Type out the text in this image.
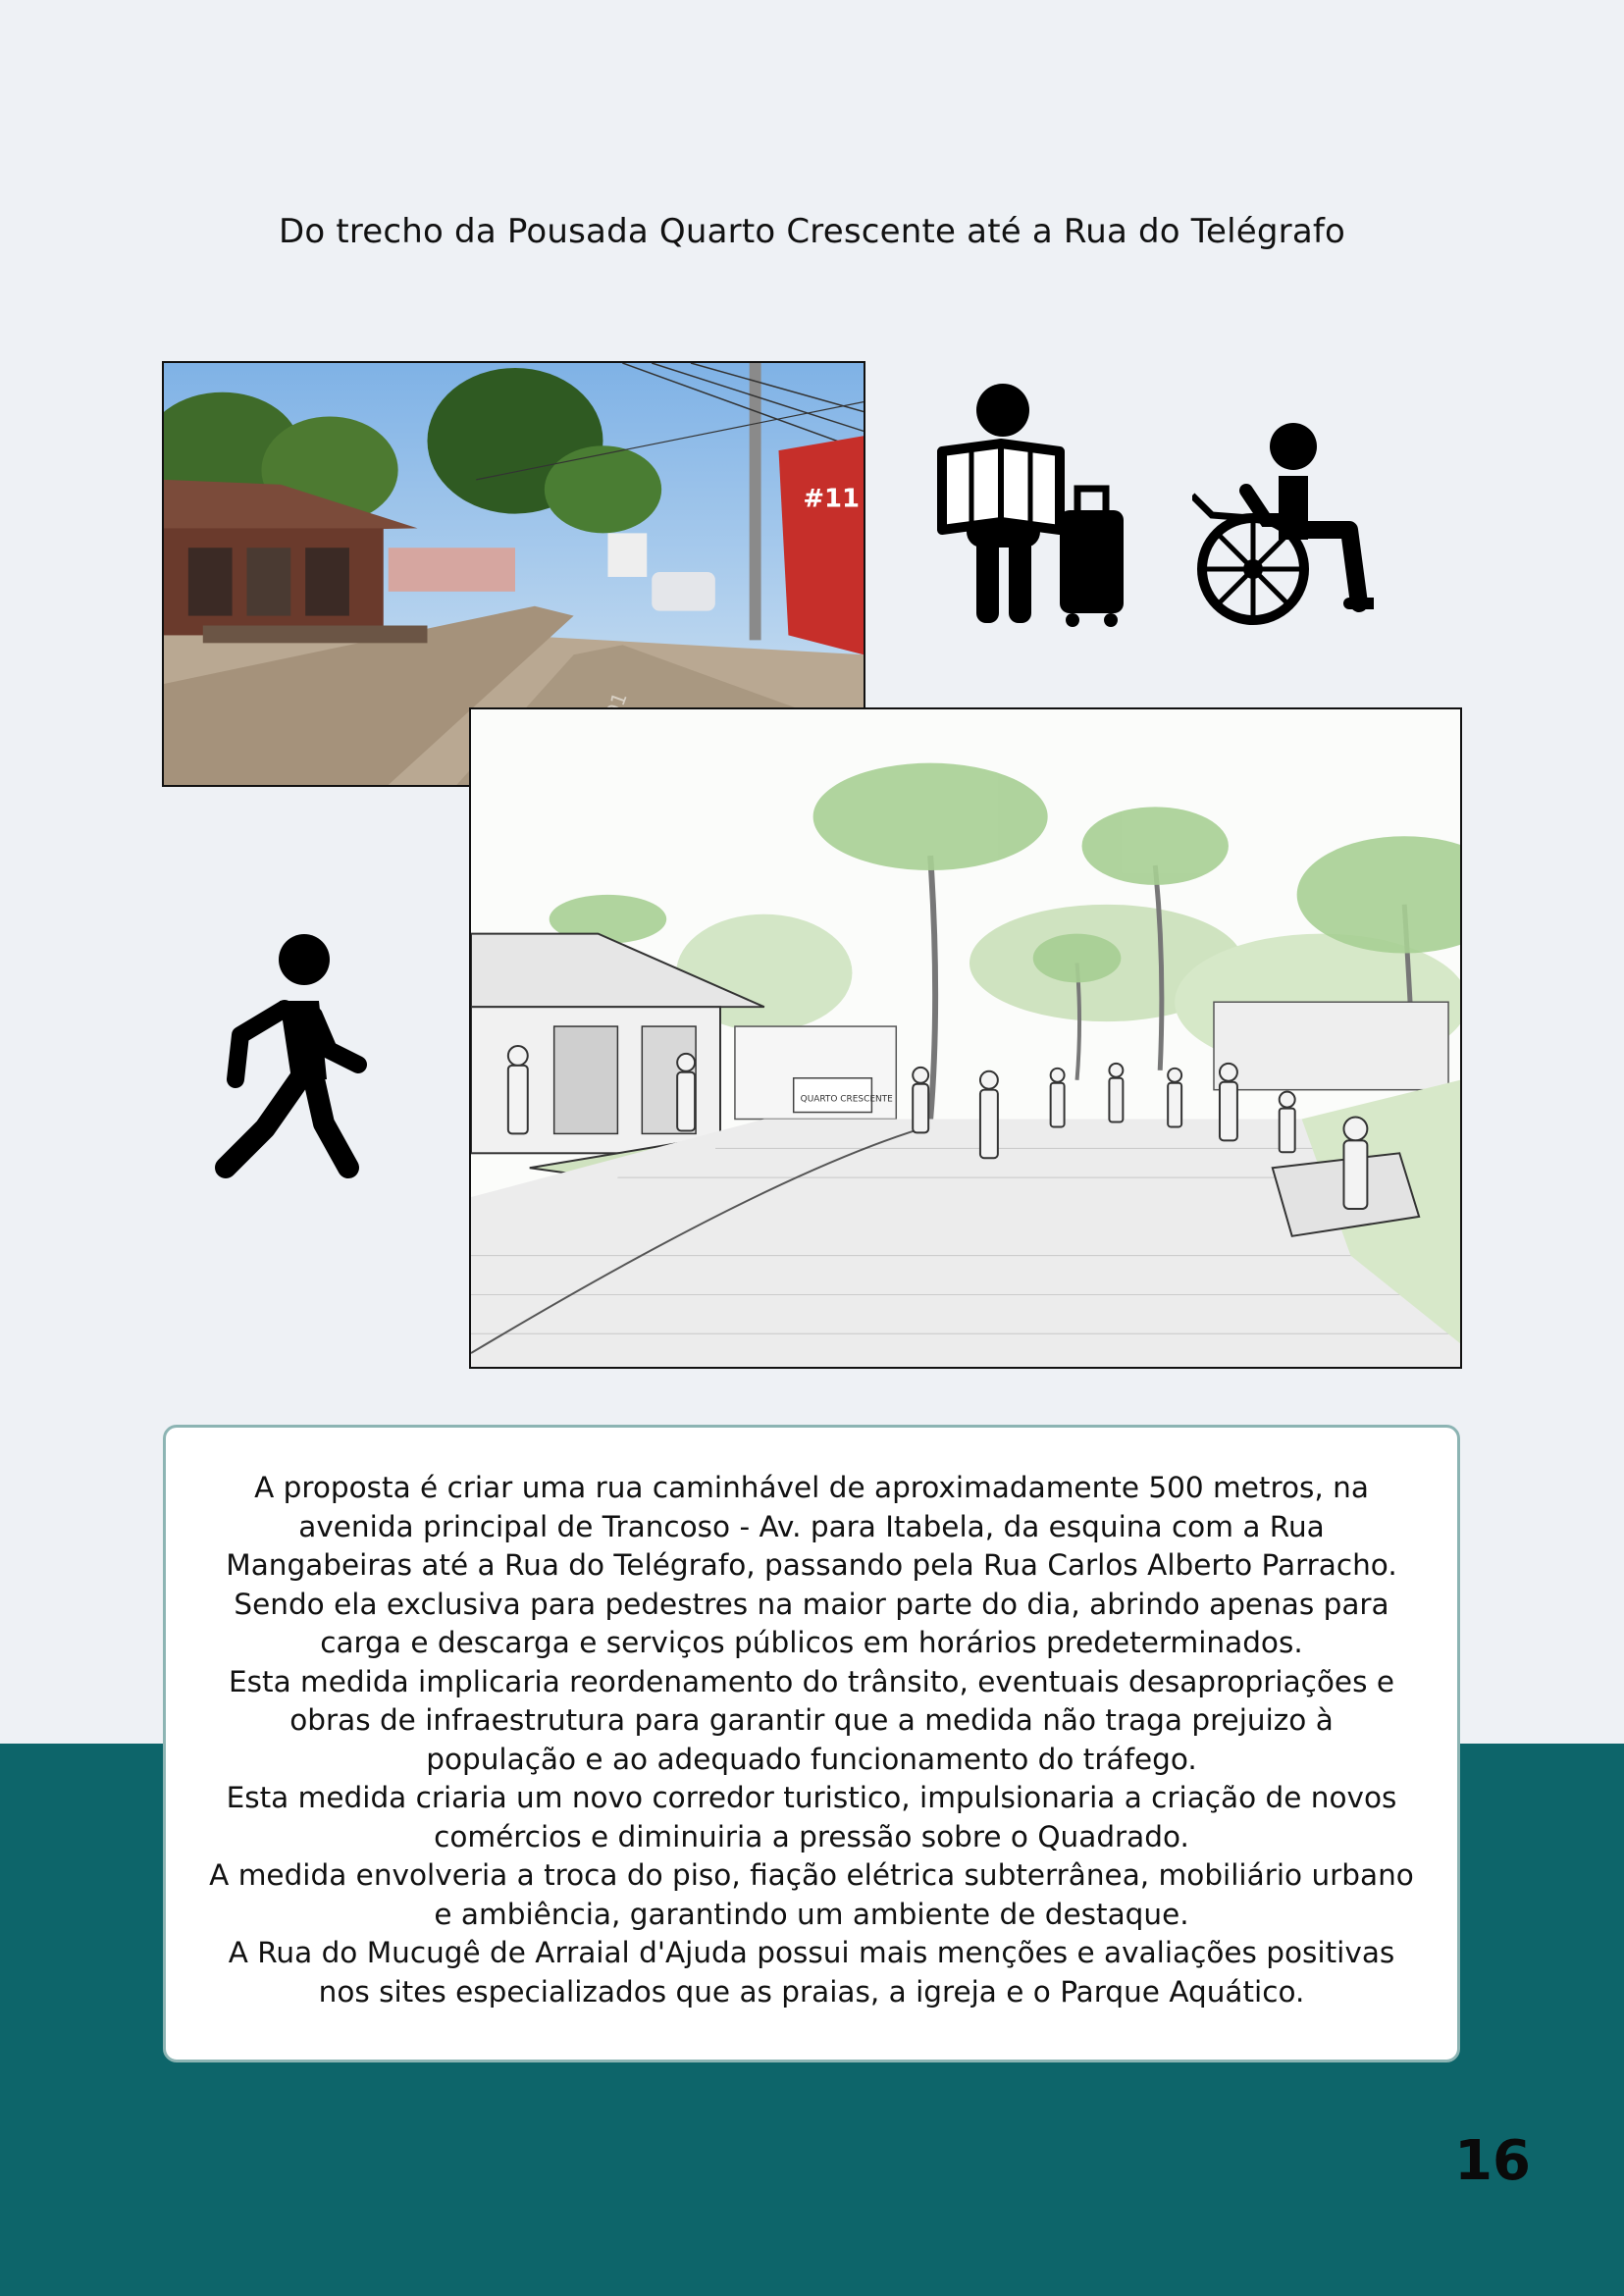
Do trecho da Pousada Quarto Crescente até a Rua do Telégrafo
#11
QUARTO CRESCENTE

A proposta é criar uma rua caminhável de aproximadamente 500 metros, na

avenida principal de Trancoso - Av. para Itabela, da esquina com a Rua

Mangabeiras até a Rua do Telégrafo, passando pela Rua Carlos Alberto Parracho.

Sendo ela exclusiva para pedestres na maior parte do dia, abrindo apenas para

carga e descarga e serviços públicos em horários predeterminados.

Esta medida implicaria reordenamento do trânsito, eventuais desapropriações e

obras de infraestrutura para garantir que a medida não traga prejuizo à

população e ao adequado funcionamento do tráfego.

Esta medida criaria um novo corredor turistico, impulsionaria a criação de novos

comércios e diminuiria a pressão sobre o Quadrado.

A medida envolveria a troca do piso, fiação elétrica subterrânea, mobiliário urbano

e ambiência, garantindo um ambiente de destaque.

A Rua do Mucugê de Arraial d'Ajuda possui mais menções e avaliações positivas

nos sites especializados que as praias, a igreja e o Parque Aquático.

16
